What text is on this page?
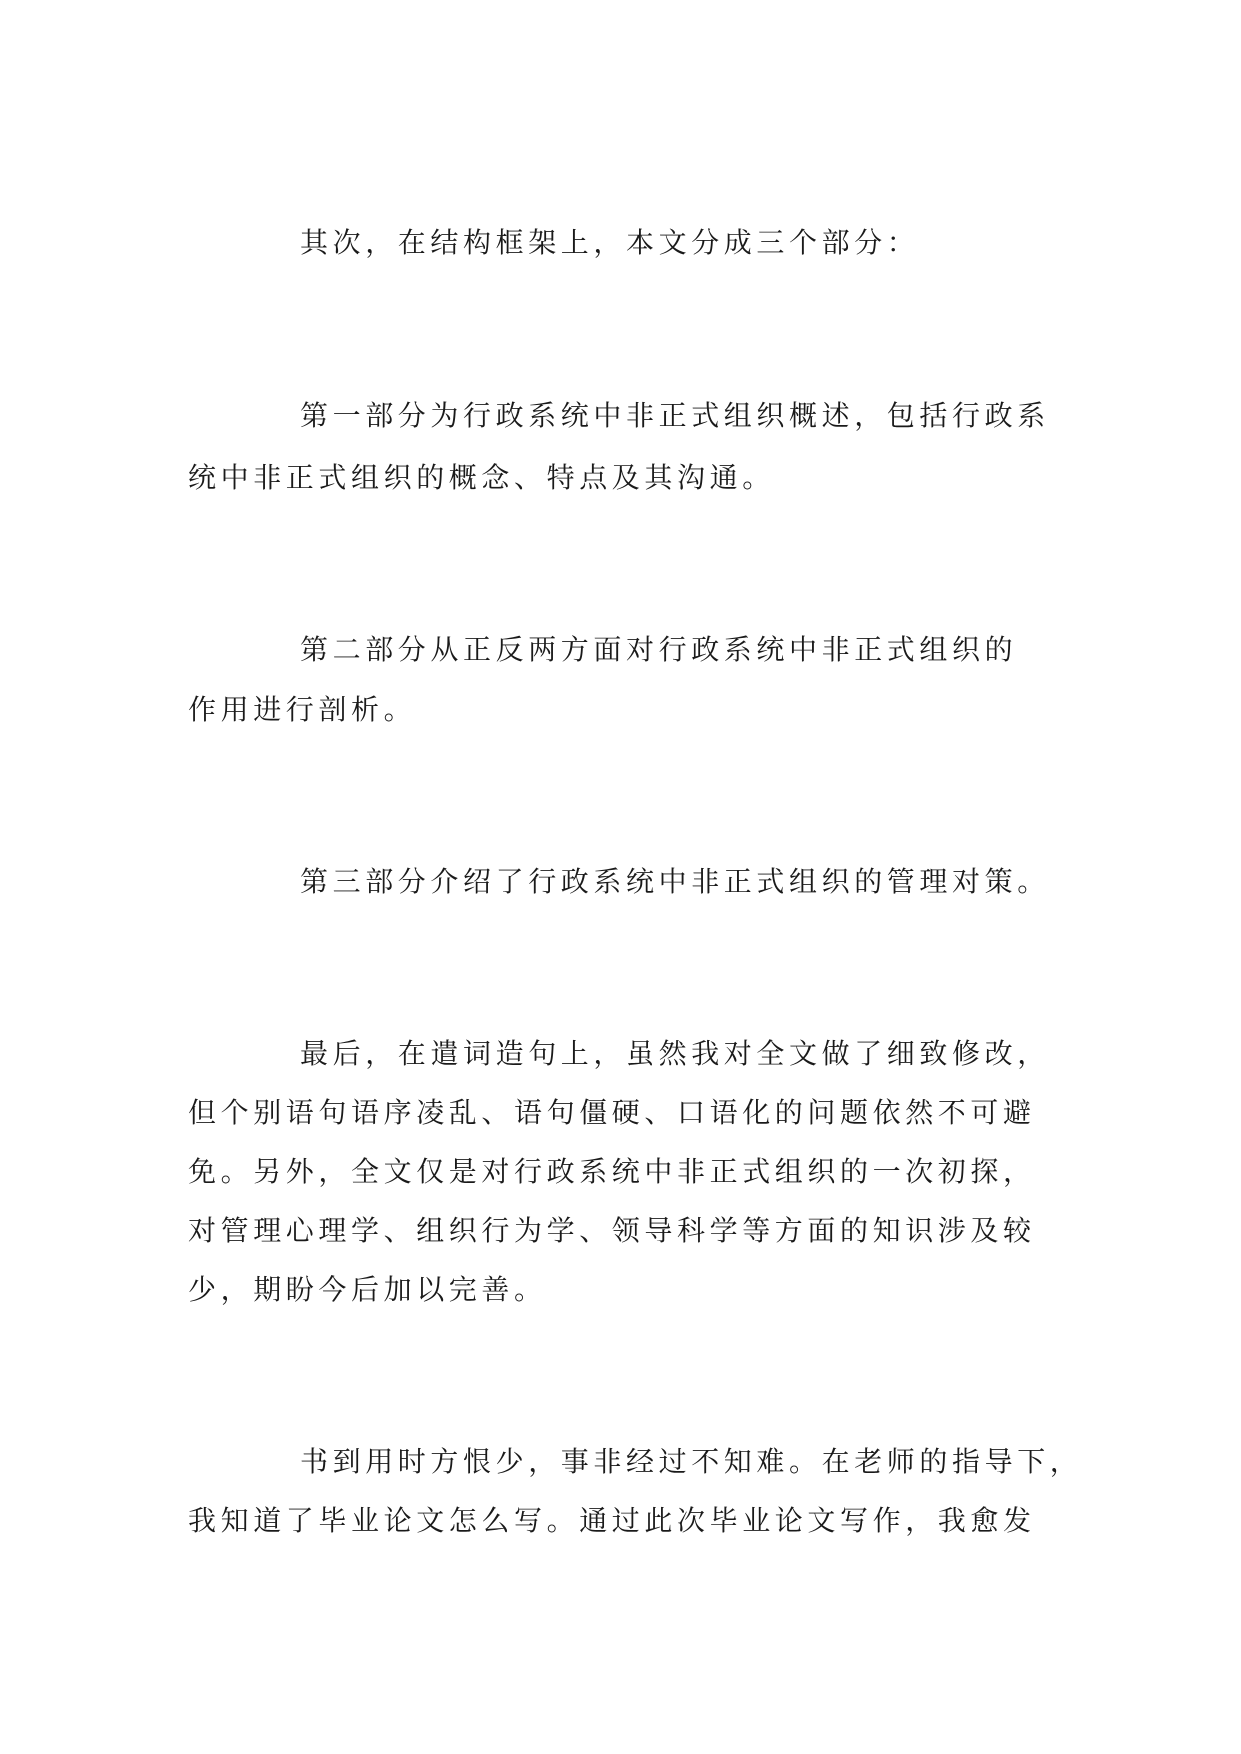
其次，在结构框架上，本文分成三个部分：
第一部分为行政系统中非正式组织概述，包括行政系
统中非正式组织的概念、特点及其沟通。
第二部分从正反两方面对行政系统中非正式组织的
作用进行剖析。
第三部分介绍了行政系统中非正式组织的管理对策。
最后，在遣词造句上，虽然我对全文做了细致修改，
但个别语句语序凌乱、语句僵硬、口语化的问题依然不可避
免。另外，全文仅是对行政系统中非正式组织的一次初探，
对管理心理学、组织行为学、领导科学等方面的知识涉及较
少，期盼今后加以完善。
书到用时方恨少，事非经过不知难。在老师的指导下，
我知道了毕业论文怎么写。通过此次毕业论文写作，我愈发
